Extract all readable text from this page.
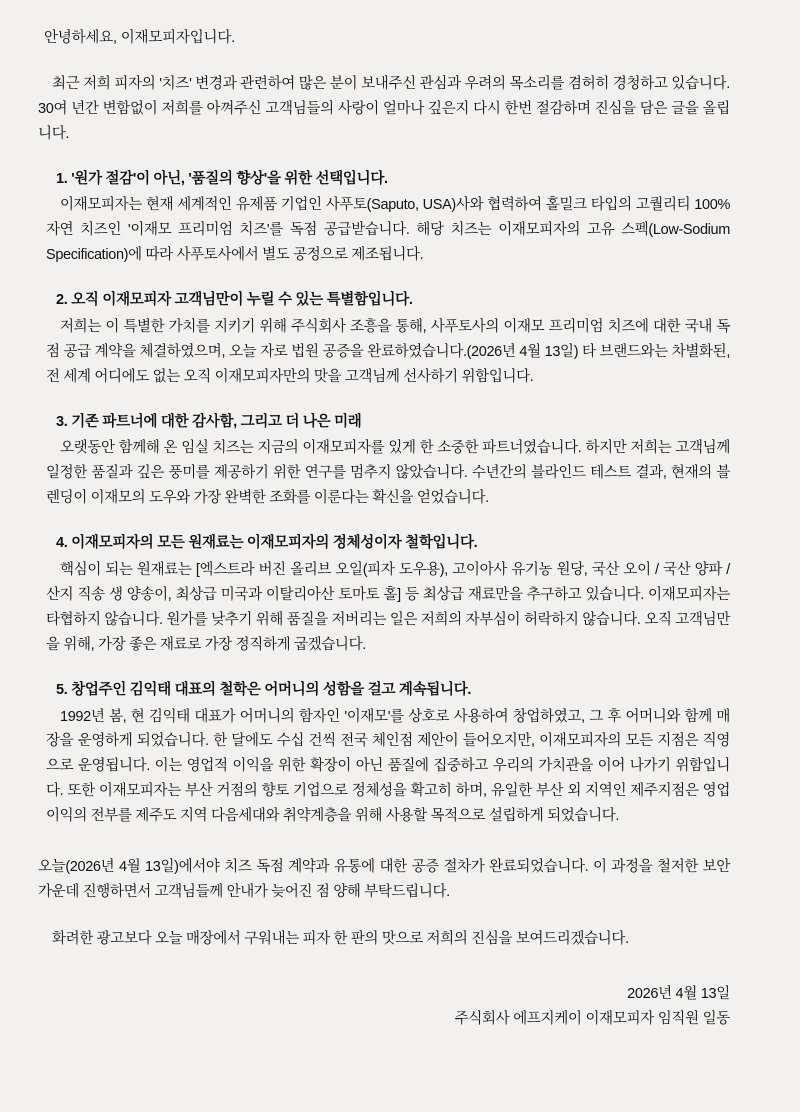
안녕하세요, 이재모피자입니다.

최근 저희 피자의 '치즈' 변경과 관련하여 많은 분이 보내주신 관심과 우려의 목소리를 겸허히 경청하고 있습니다. 30여 년간 변함없이 저희를 아껴주신 고객님들의 사랑이 얼마나 깊은지 다시 한번 절감하며 진심을 담은 글을 올립니다.

1. '원가 절감'이 아닌, '품질의 향상'을 위한 선택입니다.

이재모피자는 현재 세계적인 유제품 기업인 사푸토(Saputo, USA)사와 협력하여 홀밀크 타입의 고퀄리티 100% 자연 치즈인 '이재모 프리미엄 치즈'를 독점 공급받습니다. 해당 치즈는 이재모피자의 고유 스펙(Low-Sodium Specification)에 따라 사푸토사에서 별도 공정으로 제조됩니다.

2. 오직 이재모피자 고객님만이 누릴 수 있는 특별함입니다.

저희는 이 특별한 가치를 지키기 위해 주식회사 조흥을 통해, 사푸토사의 이재모 프리미엄 치즈에 대한 국내 독점 공급 계약을 체결하였으며, 오늘 자로 법원 공증을 완료하였습니다.(2026년 4월 13일) 타 브랜드와는 차별화된, 전 세계 어디에도 없는 오직 이재모피자만의 맛을 고객님께 선사하기 위함입니다.

3. 기존 파트너에 대한 감사함, 그리고 더 나은 미래

오랫동안 함께해 온 임실 치즈는 지금의 이재모피자를 있게 한 소중한 파트너였습니다. 하지만 저희는 고객님께 일정한 품질과 깊은 풍미를 제공하기 위한 연구를 멈추지 않았습니다. 수년간의 블라인드 테스트 결과, 현재의 블렌딩이 이재모의 도우와 가장 완벽한 조화를 이룬다는 확신을 얻었습니다.

4. 이재모피자의 모든 원재료는 이재모피자의 정체성이자 철학입니다.

핵심이 되는 원재료는 [엑스트라 버진 올리브 오일(피자 도우용), 고이아사 유기농 원당, 국산 오이 / 국산 양파 / 산지 직송 생 양송이, 최상급 미국과 이탈리아산 토마토 홀] 등 최상급 재료만을 추구하고 있습니다. 이재모피자는 타협하지 않습니다. 원가를 낮추기 위해 품질을 저버리는 일은 저희의 자부심이 허락하지 않습니다. 오직 고객님만을 위해, 가장 좋은 재료로 가장 정직하게 굽겠습니다.

5. 창업주인 김익태 대표의 철학은 어머니의 성함을 걸고 계속됩니다.

1992년 봄, 현 김익태 대표가 어머니의 함자인 '이재모'를 상호로 사용하여 창업하였고, 그 후 어머니와 함께 매장을 운영하게 되었습니다. 한 달에도 수십 건씩 전국 체인점 제안이 들어오지만, 이재모피자의 모든 지점은 직영으로 운영됩니다. 이는 영업적 이익을 위한 확장이 아닌 품질에 집중하고 우리의 가치관을 이어 나가기 위함입니다. 또한 이재모피자는 부산 거점의 향토 기업으로 정체성을 확고히 하며, 유일한 부산 외 지역인 제주지점은 영업이익의 전부를 제주도 지역 다음세대와 취약계층을 위해 사용할 목적으로 설립하게 되었습니다.

오늘(2026년 4월 13일)에서야 치즈 독점 계약과 유통에 대한 공증 절차가 완료되었습니다. 이 과정을 철저한 보안 가운데 진행하면서 고객님들께 안내가 늦어진 점 양해 부탁드립니다.

화려한 광고보다 오늘 매장에서 구워내는 피자 한 판의 맛으로 저희의 진심을 보여드리겠습니다.

2026년 4월 13일
주식회사 에프지케이 이재모피자 임직원 일동
